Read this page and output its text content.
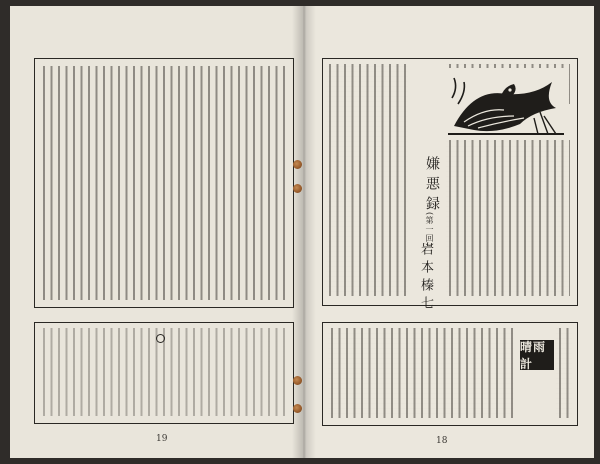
19
嫌悪録
(第一回)
岩本榛七
晴雨計
18
